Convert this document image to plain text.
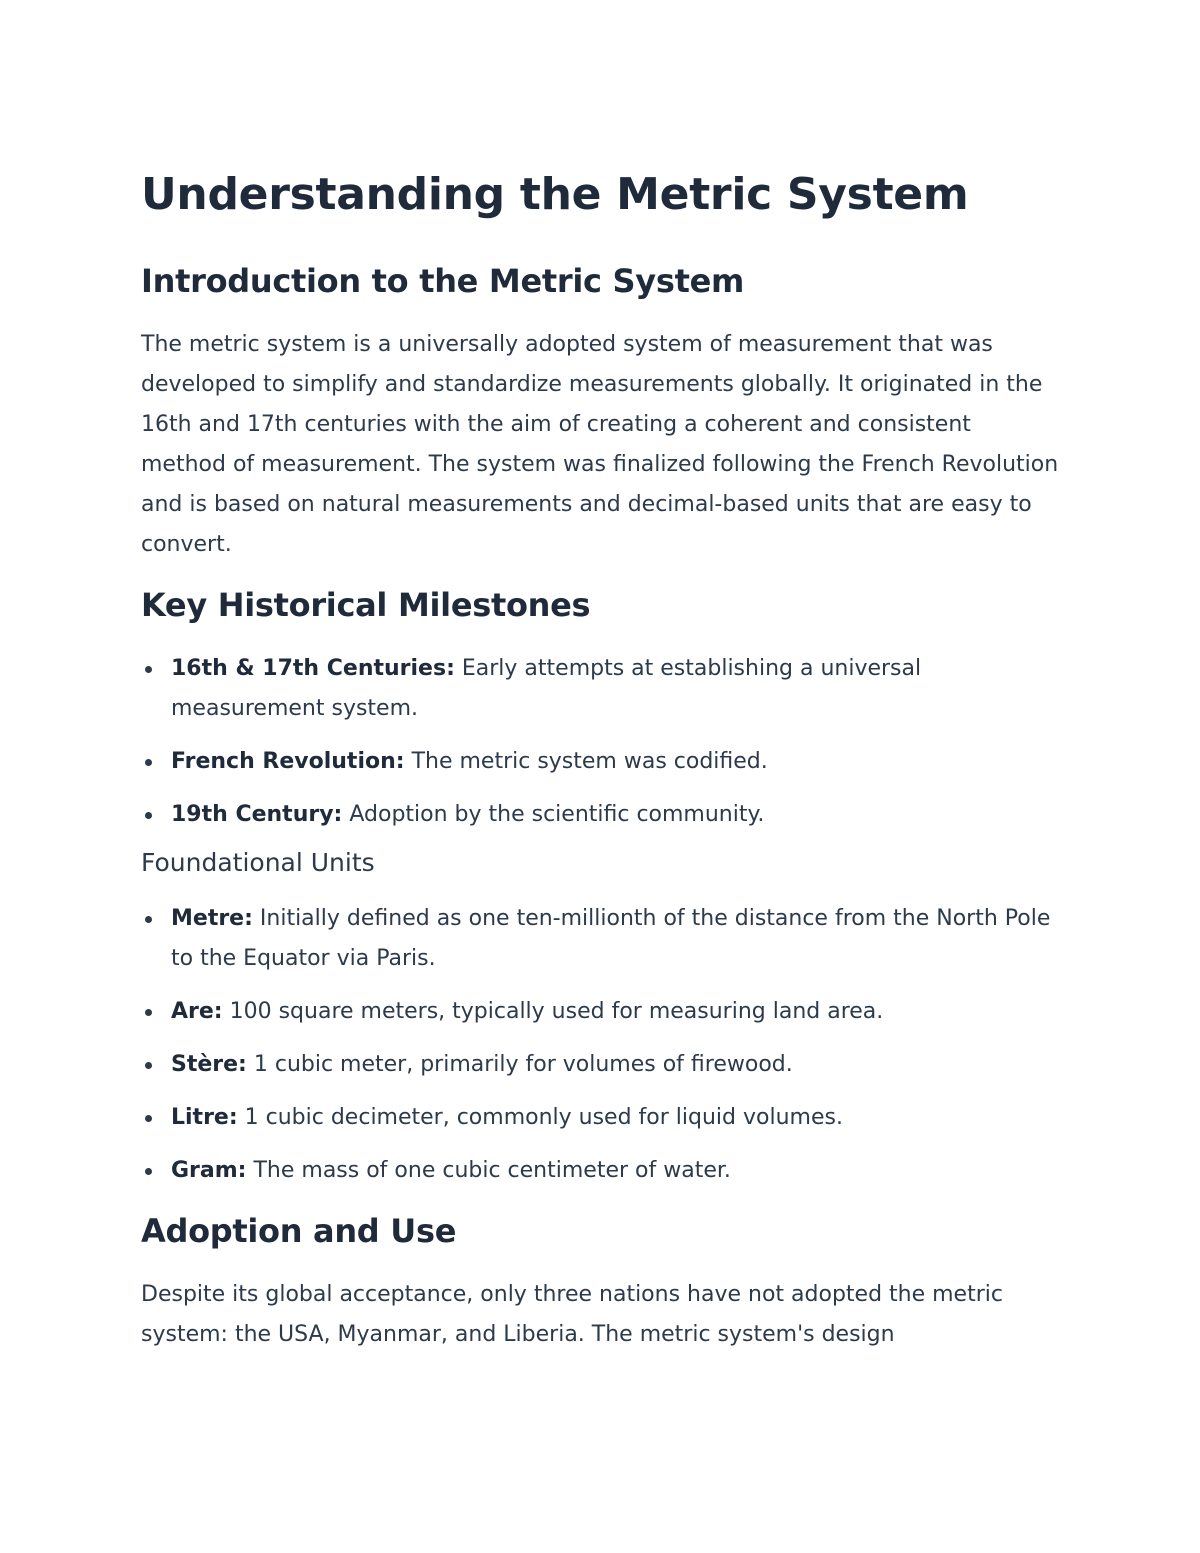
Understanding the Metric System
Introduction to the Metric System

The metric system is a universally adopted system of measurement that was developed to simplify and standardize measurements globally. It originated in the 16th and 17th centuries with the aim of creating a coherent and consistent method of measurement. The system was finalized following the French Revolution and is based on natural measurements and decimal-based units that are easy to convert.

Key Historical Milestones
16th & 17th Centuries: Early attempts at establishing a universal measurement system.
French Revolution: The metric system was codified.
19th Century: Adoption by the scientific community.
Foundational Units
Metre: Initially defined as one ten-millionth of the distance from the North Pole to the Equator via Paris.
Are: 100 square meters, typically used for measuring land area.
Stère: 1 cubic meter, primarily for volumes of firewood.
Litre: 1 cubic decimeter, commonly used for liquid volumes.
Gram: The mass of one cubic centimeter of water.
Adoption and Use

Despite its global acceptance, only three nations have not adopted the metric system: the USA, Myanmar, and Liberia. The metric system's design
